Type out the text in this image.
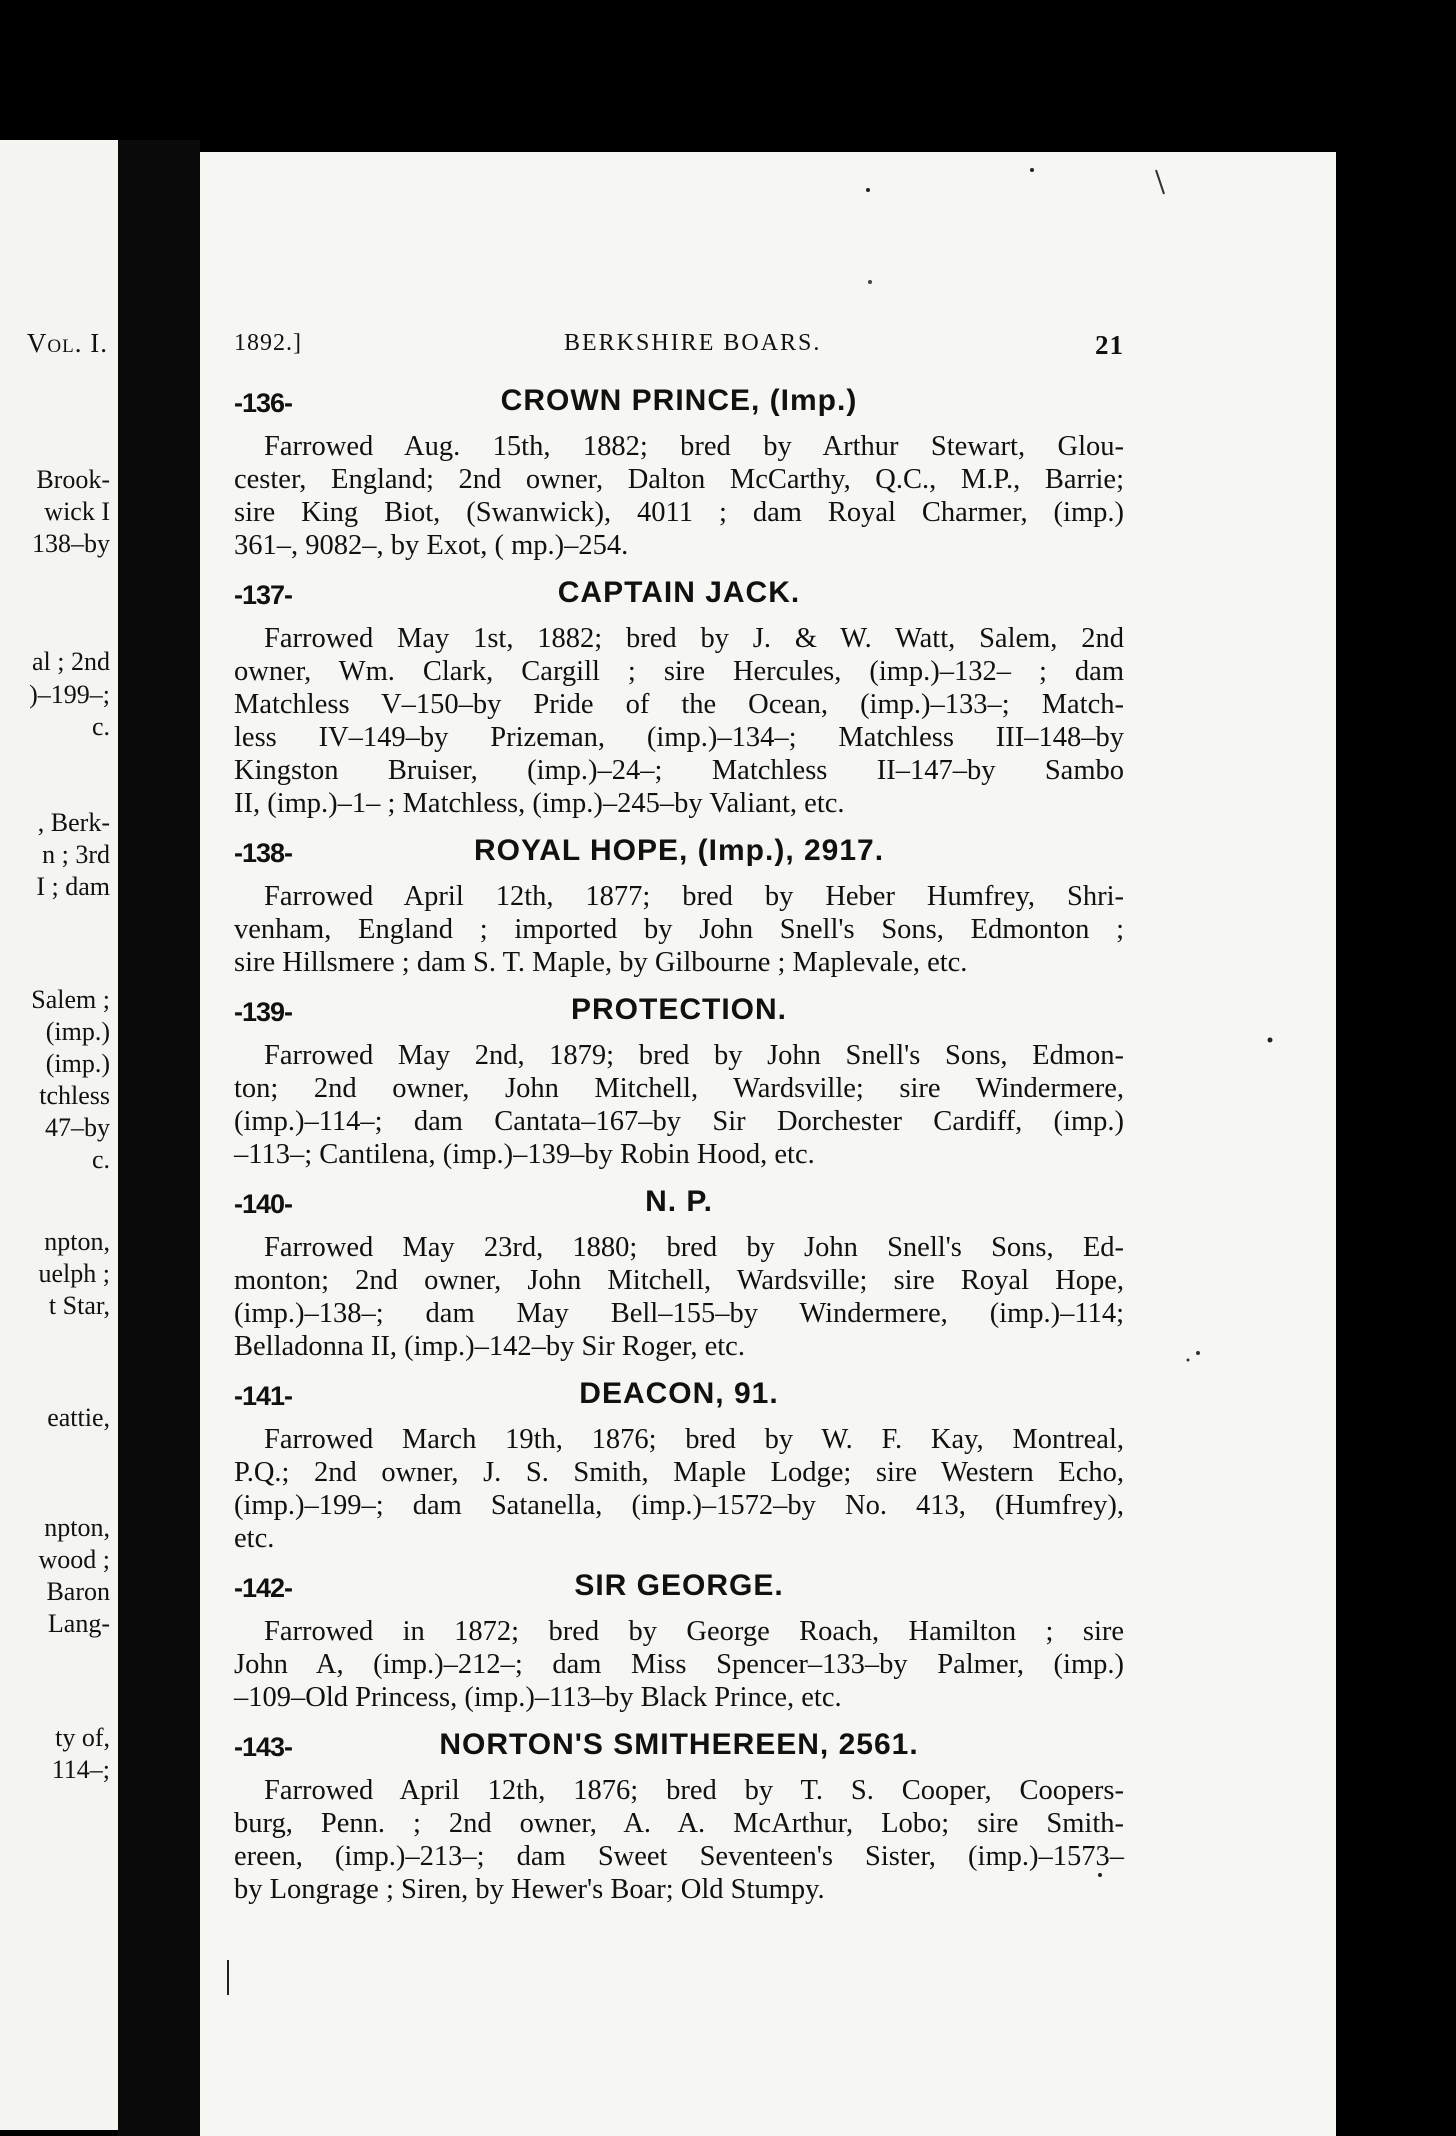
Vol. I.
Brook-
wick I
138–by
al ; 2nd
)–199–;
c.
, Berk-
n ; 3rd
I ; dam
Salem ;
(imp.)
(imp.)
tchless
47–by
c.
npton,
uelph ;
t Star,
eattie,
npton,
wood ;
Baron
Lang-
ty of,
114–;
1892.]	BERKSHIRE BOARS.	21
-136-	CROWN PRINCE, (Imp.)
Farrowed Aug. 15th, 1882; bred by Arthur Stewart, Glou-
cester, England; 2nd owner, Dalton McCarthy, Q.C., M.P., Barrie;
sire King Biot, (Swanwick), 4011 ; dam Royal Charmer, (imp.)
361–, 9082–, by Exot, ( mp.)–254.
-137-	CAPTAIN JACK.
Farrowed May 1st, 1882; bred by J. & W. Watt, Salem, 2nd
owner, Wm. Clark, Cargill ; sire Hercules, (imp.)–132– ; dam
Matchless V–150–by Pride of the Ocean, (imp.)–133–; Match-
less IV–149–by Prizeman, (imp.)–134–; Matchless III–148–by
Kingston Bruiser, (imp.)–24–; Matchless II–147–by Sambo
II, (imp.)–1– ; Matchless, (imp.)–245–by Valiant, etc.
-138-	ROYAL HOPE, (Imp.), 2917.
Farrowed April 12th, 1877; bred by Heber Humfrey, Shri-
venham, England ; imported by John Snell's Sons, Edmonton ;
sire Hillsmere ; dam S. T. Maple, by Gilbourne ; Maplevale, etc.
-139-	PROTECTION.
Farrowed May 2nd, 1879; bred by John Snell's Sons, Edmon-
ton; 2nd owner, John Mitchell, Wardsville; sire Windermere,
(imp.)–114–; dam Cantata–167–by Sir Dorchester Cardiff, (imp.)
–113–; Cantilena, (imp.)–139–by Robin Hood, etc.
-140-	N. P.
Farrowed May 23rd, 1880; bred by John Snell's Sons, Ed-
monton; 2nd owner, John Mitchell, Wardsville; sire Royal Hope,
(imp.)–138–; dam May Bell–155–by Windermere, (imp.)–114;
Belladonna II, (imp.)–142–by Sir Roger, etc.
-141-	DEACON, 91.
Farrowed March 19th, 1876; bred by W. F. Kay, Montreal,
P.Q.; 2nd owner, J. S. Smith, Maple Lodge; sire Western Echo,
(imp.)–199–; dam Satanella, (imp.)–1572–by No. 413, (Humfrey),
etc.
-142-	SIR GEORGE.
Farrowed in 1872; bred by George Roach, Hamilton ; sire
John A, (imp.)–212–; dam Miss Spencer–133–by Palmer, (imp.)
–109–Old Princess, (imp.)–113–by Black Prince, etc.
-143-	NORTON'S SMITHEREEN, 2561.
Farrowed April 12th, 1876; bred by T. S. Cooper, Coopers-
burg, Penn. ; 2nd owner, A. A. McArthur, Lobo; sire Smith-
ereen, (imp.)–213–; dam Sweet Seventeen's Sister, (imp.)–1573–
by Longrage ; Siren, by Hewer's Boar; Old Stumpy.
